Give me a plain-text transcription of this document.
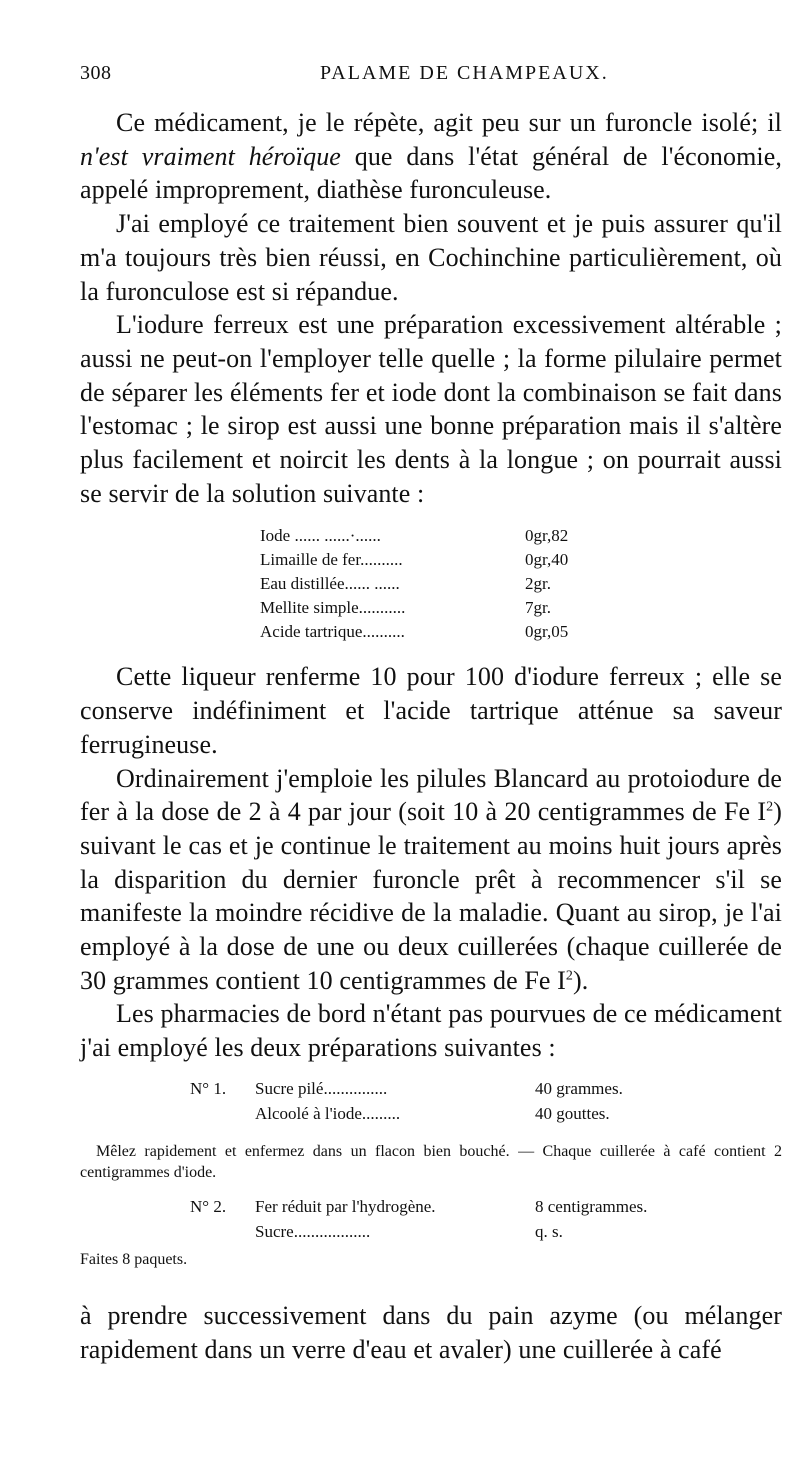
308	PALAME DE CHAMPEAUX.

Ce médicament, je le répète, agit peu sur un furoncle isolé; il n'est vraiment héroïque que dans l'état général de l'économie, appelé improprement, diathèse furonculeuse.

J'ai employé ce traitement bien souvent et je puis assurer qu'il m'a toujours très bien réussi, en Cochinchine particulièrement, où la furonculose est si répandue.

L'iodure ferreux est une préparation excessivement altérable ; aussi ne peut-on l'employer telle quelle ; la forme pilulaire permet de séparer les éléments fer et iode dont la combinaison se fait dans l'estomac ; le sirop est aussi une bonne préparation mais il s'altère plus facilement et noircit les dents à la longue ; on pourrait aussi se servir de la solution suivante :

Iode ...... ......·......	0gr,82
Limaille de fer..........	0gr,40
Eau distillée...... ......	2gr.
Mellite simple...........	7gr.
Acide tartrique..........	0gr,05

Cette liqueur renferme 10 pour 100 d'iodure ferreux ; elle se conserve indéfiniment et l'acide tartrique atténue sa saveur ferrugineuse.

Ordinairement j'emploie les pilules Blancard au protoiodure de fer à la dose de 2 à 4 par jour (soit 10 à 20 centigrammes de Fe $I^2$) suivant le cas et je continue le traitement au moins huit jours après la disparition du dernier furoncle prêt à recommencer s'il se manifeste la moindre récidive de la maladie. Quant au sirop, je l'ai employé à la dose de une ou deux cuillerées (chaque cuillerée de 30 grammes contient 10 centigrammes de Fe $I^2$).

Les pharmacies de bord n'étant pas pourvues de ce médicament j'ai employé les deux préparations suivantes :

N° 1. Sucre pilé...............	40 grammes.
Alcoolé à l'iode.........	40 gouttes.

Mêlez rapidement et enfermez dans un flacon bien bouché. — Chaque cuillerée à café contient 2 centigrammes d'iode.

N° 2. Fer réduit par l'hydrogène.	8 centigrammes.
Sucre..................	q. s.

Faites 8 paquets.

à prendre successivement dans du pain azyme (ou mélanger rapidement dans un verre d'eau et avaler) une cuillerée à café
